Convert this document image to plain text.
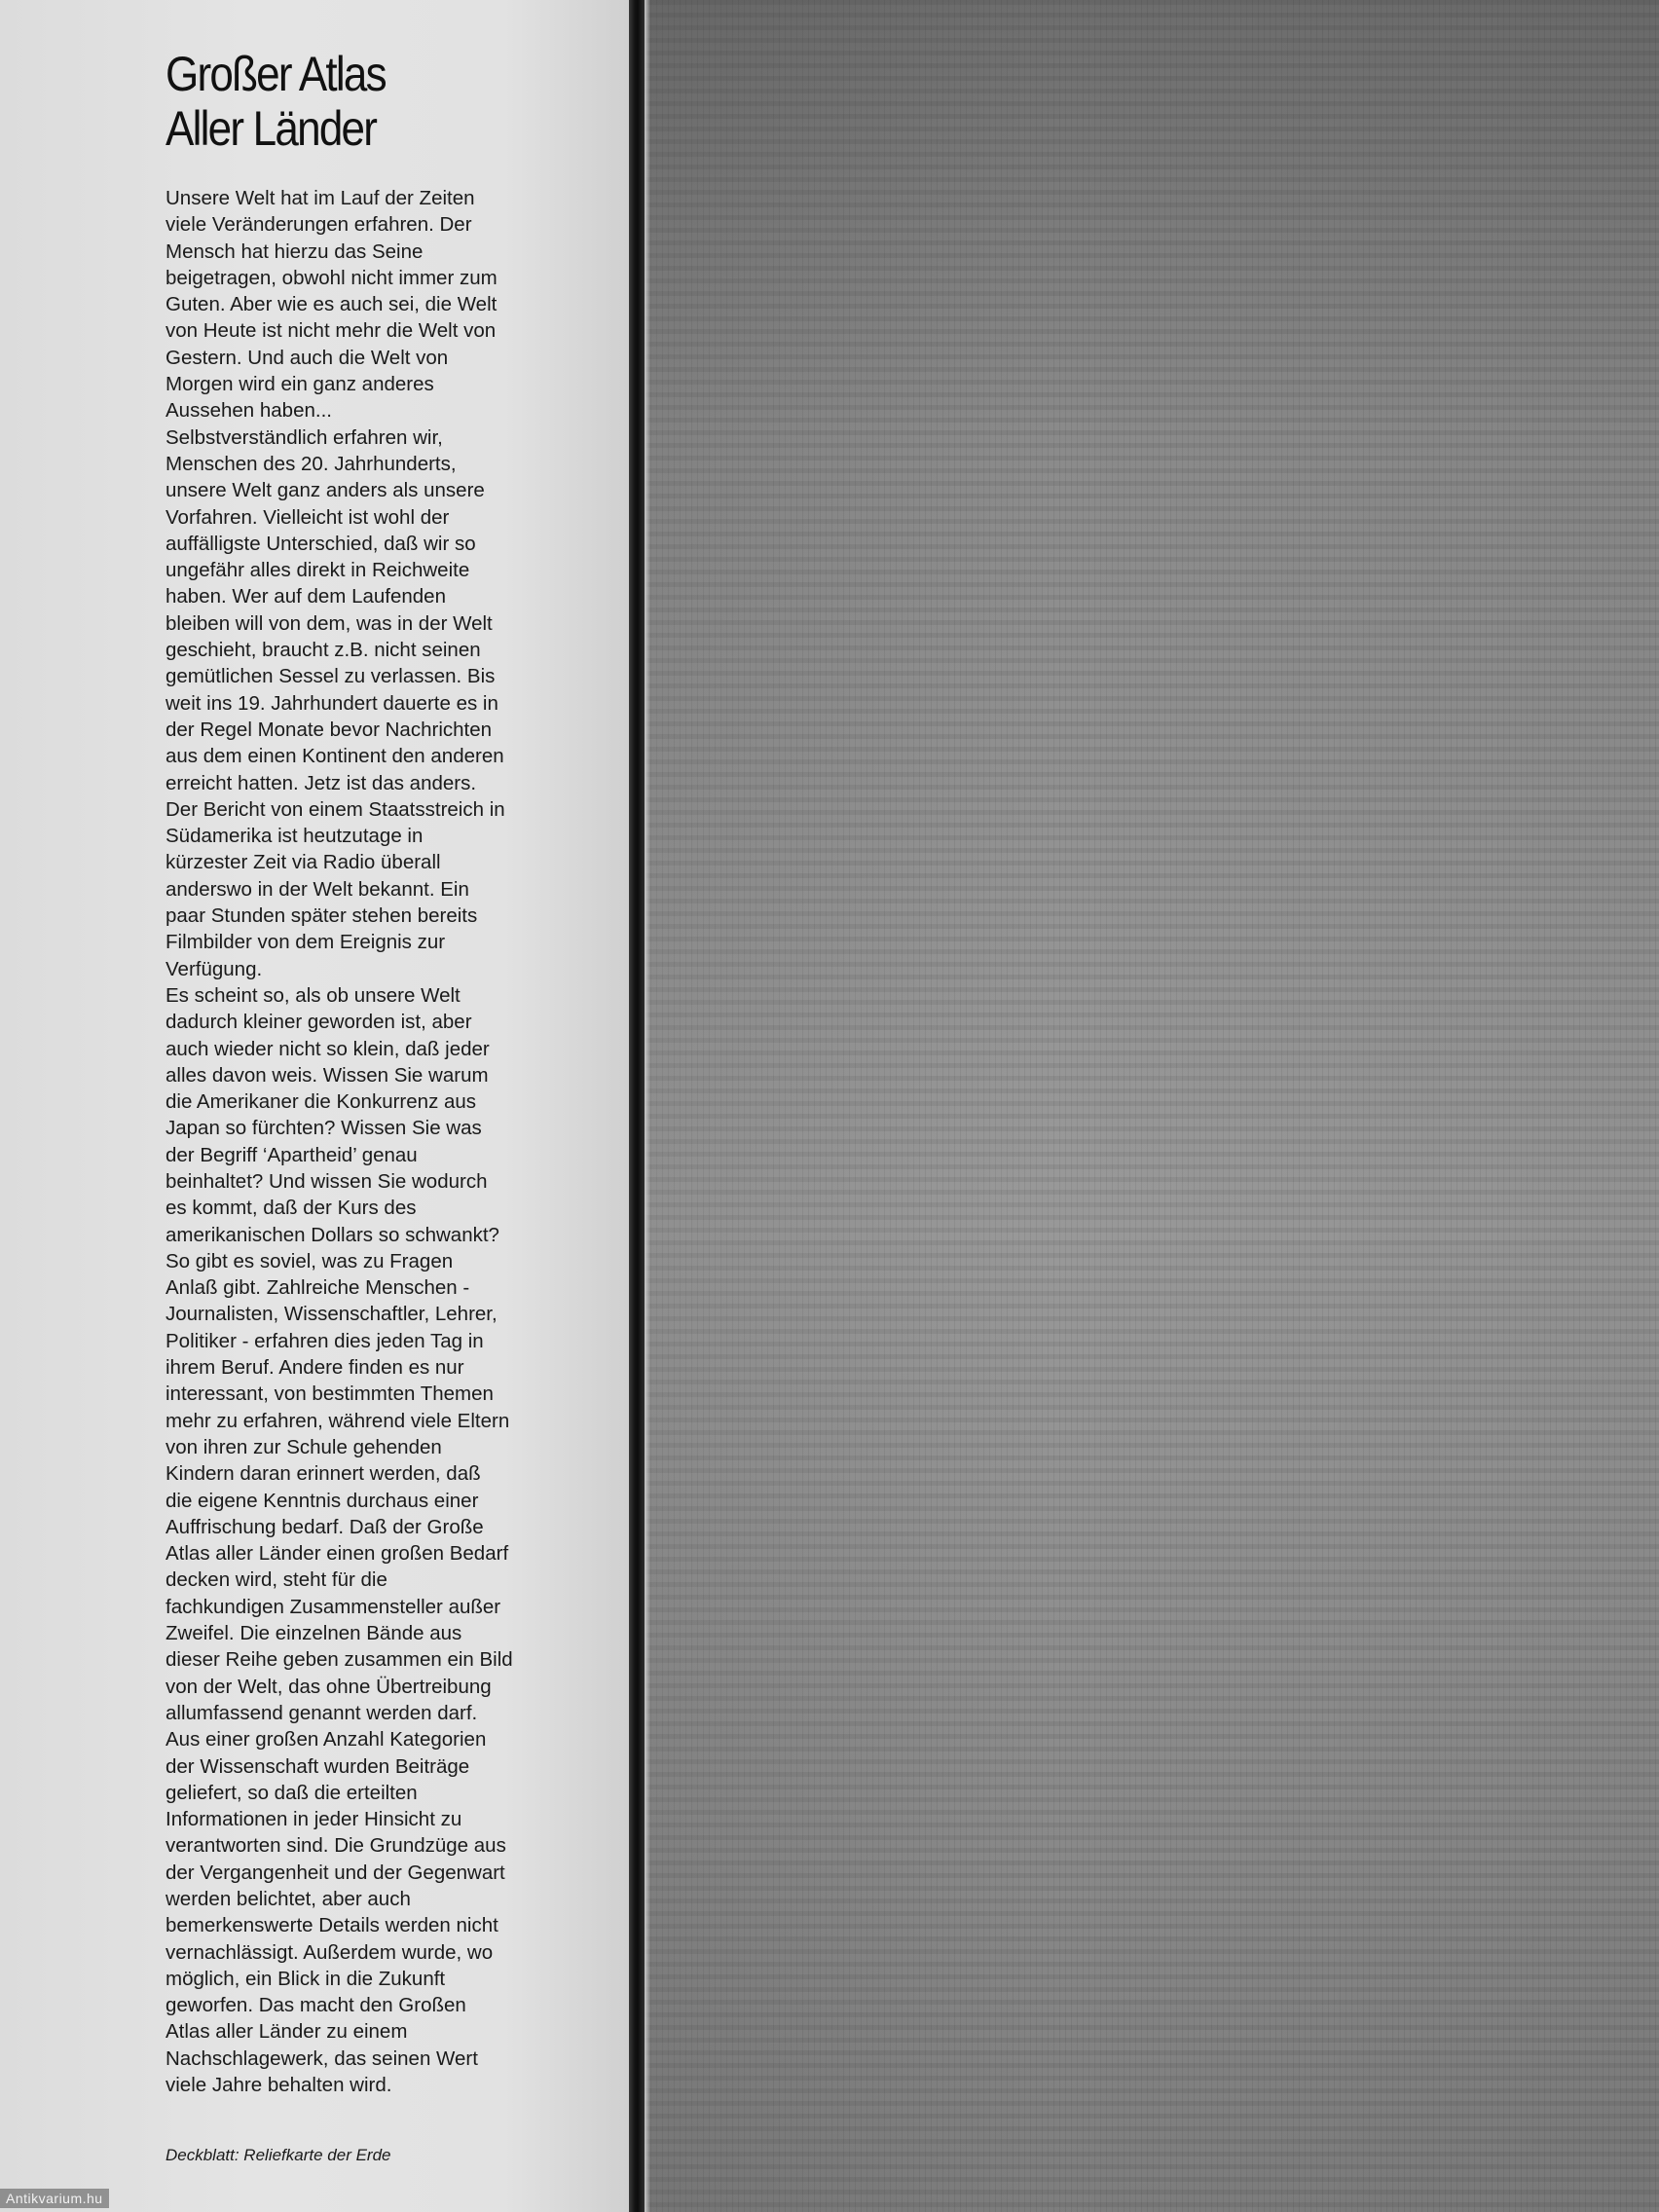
Großer Atlas
Aller Länder
Unsere Welt hat im Lauf der Zeiten
viele Veränderungen erfahren. Der
Mensch hat hierzu das Seine
beigetragen, obwohl nicht immer zum
Guten. Aber wie es auch sei, die Welt
von Heute ist nicht mehr die Welt von
Gestern. Und auch die Welt von
Morgen wird ein ganz anderes
Aussehen haben...
Selbstverständlich erfahren wir,
Menschen des 20. Jahrhunderts,
unsere Welt ganz anders als unsere
Vorfahren. Vielleicht ist wohl der
auffälligste Unterschied, daß wir so
ungefähr alles direkt in Reichweite
haben. Wer auf dem Laufenden
bleiben will von dem, was in der Welt
geschieht, braucht z.B. nicht seinen
gemütlichen Sessel zu verlassen. Bis
weit ins 19. Jahrhundert dauerte es in
der Regel Monate bevor Nachrichten
aus dem einen Kontinent den anderen
erreicht hatten. Jetz ist das anders.
Der Bericht von einem Staatsstreich in
Südamerika ist heutzutage in
kürzester Zeit via Radio überall
anderswo in der Welt bekannt. Ein
paar Stunden später stehen bereits
Filmbilder von dem Ereignis zur
Verfügung.
Es scheint so, als ob unsere Welt
dadurch kleiner geworden ist, aber
auch wieder nicht so klein, daß jeder
alles davon weis. Wissen Sie warum
die Amerikaner die Konkurrenz aus
Japan so fürchten? Wissen Sie was
der Begriff ‘Apartheid’ genau
beinhaltet? Und wissen Sie wodurch
es kommt, daß der Kurs des
amerikanischen Dollars so schwankt?
So gibt es soviel, was zu Fragen
Anlaß gibt. Zahlreiche Menschen -
Journalisten, Wissenschaftler, Lehrer,
Politiker - erfahren dies jeden Tag in
ihrem Beruf. Andere finden es nur
interessant, von bestimmten Themen
mehr zu erfahren, während viele Eltern
von ihren zur Schule gehenden
Kindern daran erinnert werden, daß
die eigene Kenntnis durchaus einer
Auffrischung bedarf. Daß der Große
Atlas aller Länder einen großen Bedarf
decken wird, steht für die
fachkundigen Zusammensteller außer
Zweifel. Die einzelnen Bände aus
dieser Reihe geben zusammen ein Bild
von der Welt, das ohne Übertreibung
allumfassend genannt werden darf.
Aus einer großen Anzahl Kategorien
der Wissenschaft wurden Beiträge
geliefert, so daß die erteilten
Informationen in jeder Hinsicht zu
verantworten sind. Die Grundzüge aus
der Vergangenheit und der Gegenwart
werden belichtet, aber auch
bemerkenswerte Details werden nicht
vernachlässigt. Außerdem wurde, wo
möglich, ein Blick in die Zukunft
geworfen. Das macht den Großen
Atlas aller Länder zu einem
Nachschlagewerk, das seinen Wert
viele Jahre behalten wird.

Deckblatt: Reliefkarte der Erde

Antikvarium.hu
